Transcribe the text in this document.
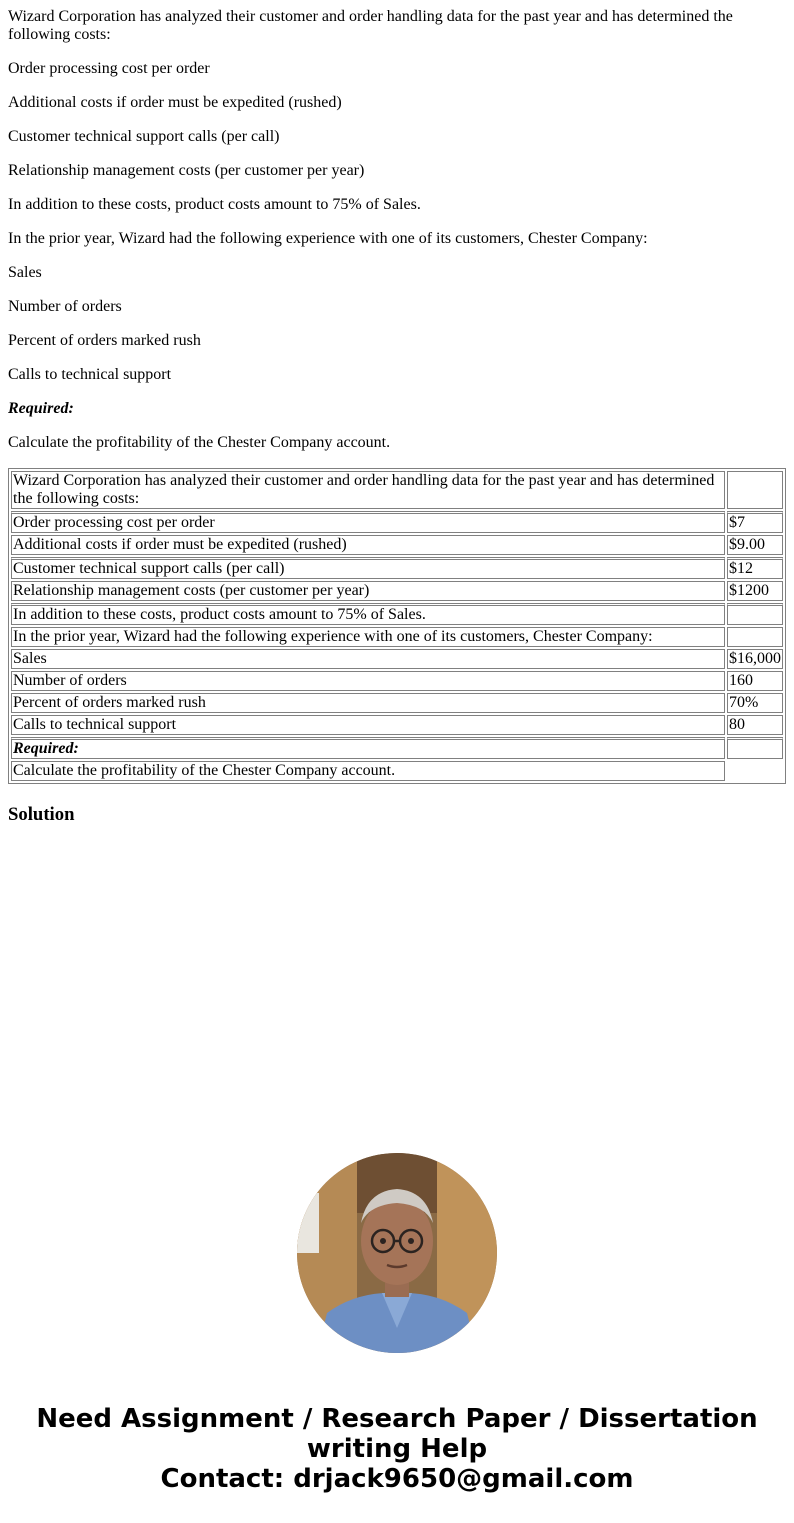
Wizard Corporation has analyzed their customer and order handling data for the past year and has determined the following costs:

Order processing cost per order

Additional costs if order must be expedited (rushed)

Customer technical support calls (per call)

Relationship management costs (per customer per year)

In addition to these costs, product costs amount to 75% of Sales.

In the prior year, Wizard had the following experience with one of its customers, Chester Company:

Sales

Number of orders

Percent of orders marked rush

Calls to technical support

Required:

Calculate the profitability of the Chester Company account.

Wizard Corporation has analyzed their customer and order handling data for the past year and has determined the following costs:	
Order processing cost per order	$7
Additional costs if order must be expedited (rushed)	$9.00
Customer technical support calls (per call)	$12
Relationship management costs (per customer per year)	$1200
In addition to these costs, product costs amount to 75% of Sales.	
In the prior year, Wizard had the following experience with one of its customers, Chester Company:	
Sales	$16,000
Number of orders	160
Percent of orders marked rush	70%
Calls to technical support	80
Required:	
Calculate the profitability of the Chester Company account.	
Solution
Need Assignment / Research Paper / Dissertation
writing Help
Contact: drjack9650@gmail.com
